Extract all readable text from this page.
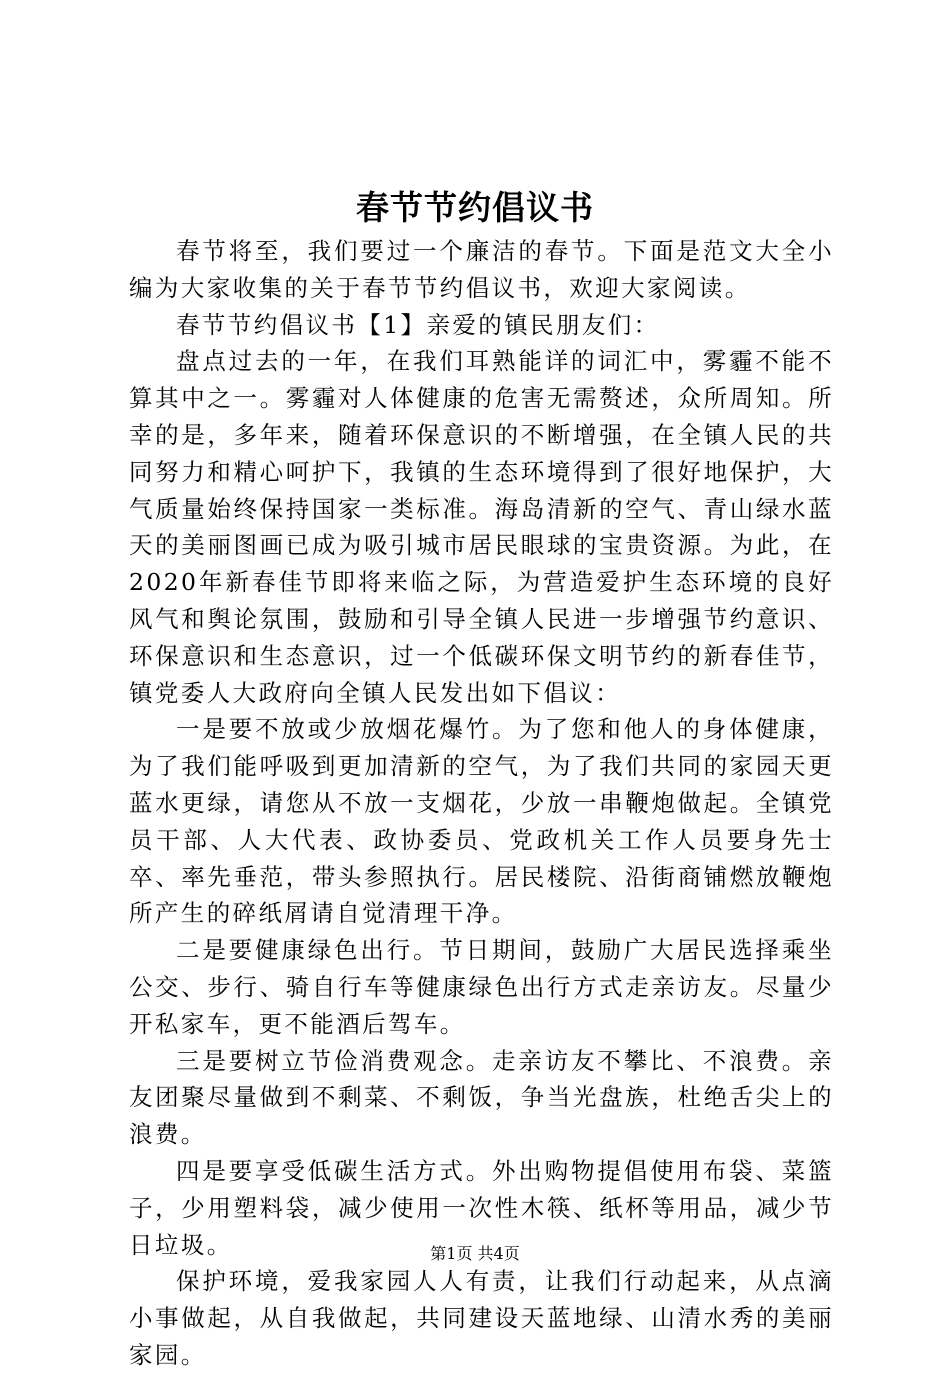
春节节约倡议书

春节将至，我们要过一个廉洁的春节。下面是范文大全小编为大家收集的关于春节节约倡议书，欢迎大家阅读。

春节节约倡议书【1】亲爱的镇民朋友们：

盘点过去的一年，在我们耳熟能详的词汇中，雾霾不能不算其中之一。雾霾对人体健康的危害无需赘述，众所周知。所幸的是，多年来，随着环保意识的不断增强，在全镇人民的共同努力和精心呵护下，我镇的生态环境得到了很好地保护，大气质量始终保持国家一类标准。海岛清新的空气、青山绿水蓝天的美丽图画已成为吸引城市居民眼球的宝贵资源。为此，在2020年新春佳节即将来临之际，为营造爱护生态环境的良好风气和舆论氛围，鼓励和引导全镇人民进一步增强节约意识、环保意识和生态意识，过一个低碳环保文明节约的新春佳节，镇党委人大政府向全镇人民发出如下倡议：

一是要不放或少放烟花爆竹。为了您和他人的身体健康，为了我们能呼吸到更加清新的空气，为了我们共同的家园天更蓝水更绿，请您从不放一支烟花，少放一串鞭炮做起。全镇党员干部、人大代表、政协委员、党政机关工作人员要身先士卒、率先垂范，带头参照执行。居民楼院、沿街商铺燃放鞭炮所产生的碎纸屑请自觉清理干净。

二是要健康绿色出行。节日期间，鼓励广大居民选择乘坐公交、步行、骑自行车等健康绿色出行方式走亲访友。尽量少开私家车，更不能酒后驾车。

三是要树立节俭消费观念。走亲访友不攀比、不浪费。亲友团聚尽量做到不剩菜、不剩饭，争当光盘族，杜绝舌尖上的浪费。

四是要享受低碳生活方式。外出购物提倡使用布袋、菜篮子，少用塑料袋，减少使用一次性木筷、纸杯等用品，减少节日垃圾。

保护环境，爱我家园人人有责，让我们行动起来，从点滴小事做起，从自我做起，共同建设天蓝地绿、山清水秀的美丽家园。

第1页 共4页
